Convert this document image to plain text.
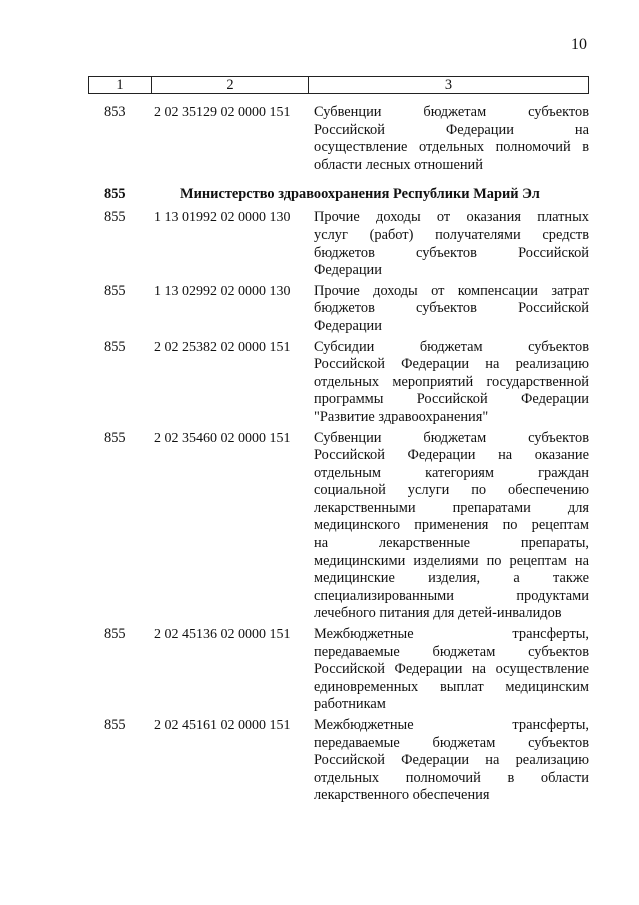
10
1	2	3
853	2 02 35129 02 0000 151	Субвенции бюджетам субъектов
Российской Федерации на
осуществление отдельных полномочий в
области лесных отношений
855	Министерство здравоохранения Республики Марий Эл
855	1 13 01992 02 0000 130	Прочие доходы от оказания платных
услуг (работ) получателями средств
бюджетов субъектов Российской
Федерации
855	1 13 02992 02 0000 130	Прочие доходы от компенсации затрат
бюджетов субъектов Российской
Федерации
855	2 02 25382 02 0000 151	Субсидии бюджетам субъектов
Российской Федерации на реализацию
отдельных мероприятий государственной
программы Российской Федерации
"Развитие здравоохранения"
855	2 02 35460 02 0000 151	Субвенции бюджетам субъектов
Российской Федерации на оказание
отдельным категориям граждан
социальной услуги по обеспечению
лекарственными препаратами для
медицинского применения по рецептам
на лекарственные препараты,
медицинскими изделиями по рецептам на
медицинские изделия, а также
специализированными продуктами
лечебного питания для детей-инвалидов
855	2 02 45136 02 0000 151	Межбюджетные трансферты,
передаваемые бюджетам субъектов
Российской Федерации на осуществление
единовременных выплат медицинским
работникам
855	2 02 45161 02 0000 151	Межбюджетные трансферты,
передаваемые бюджетам субъектов
Российской Федерации на реализацию
отдельных полномочий в области
лекарственного обеспечения
